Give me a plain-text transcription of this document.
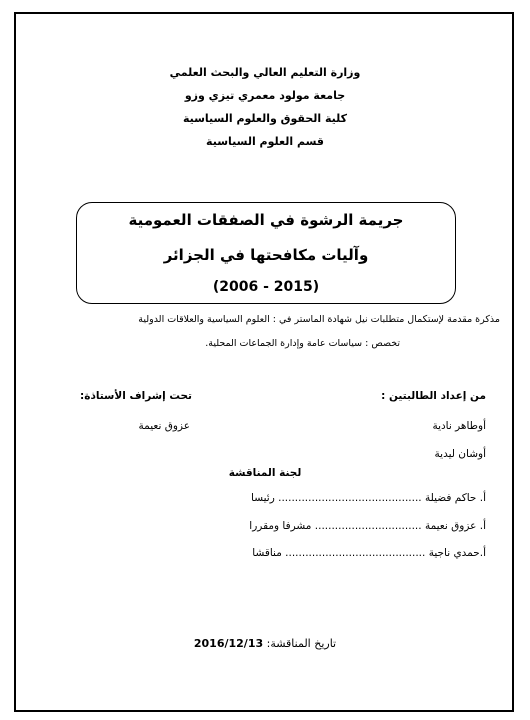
وزارة التعليم العالي والبحث العلمي
جامعة مولود معمري تيزي وزو
كلية الحقوق والعلوم السياسية
قسم العلوم السياسية
جريمة الرشوة في الصفقات العمومية
وآليات مكافحتها في الجزائر
(2006 - 2015)
مذكرة مقدمة لإستكمال متطلبات نيل شهادة الماستر في : العلوم السياسية والعلاقات الدولية
تخصص : سياسات عامة وإدارة الجماعات المحلية.
من إعداد الطالبتين :
تحت إشراف الأستاذة:
أوطاهر نادية
عزوق نعيمة
أوشان ليدية
لجنة المناقشة
أ. حاكم فضيلة ........................................... رئيسا
أ. عزوق نعيمة ................................ مشرفا ومقررا
أ.حمدي ناجية .......................................... مناقشا
تاريخ المناقشة: 2016/12/13
